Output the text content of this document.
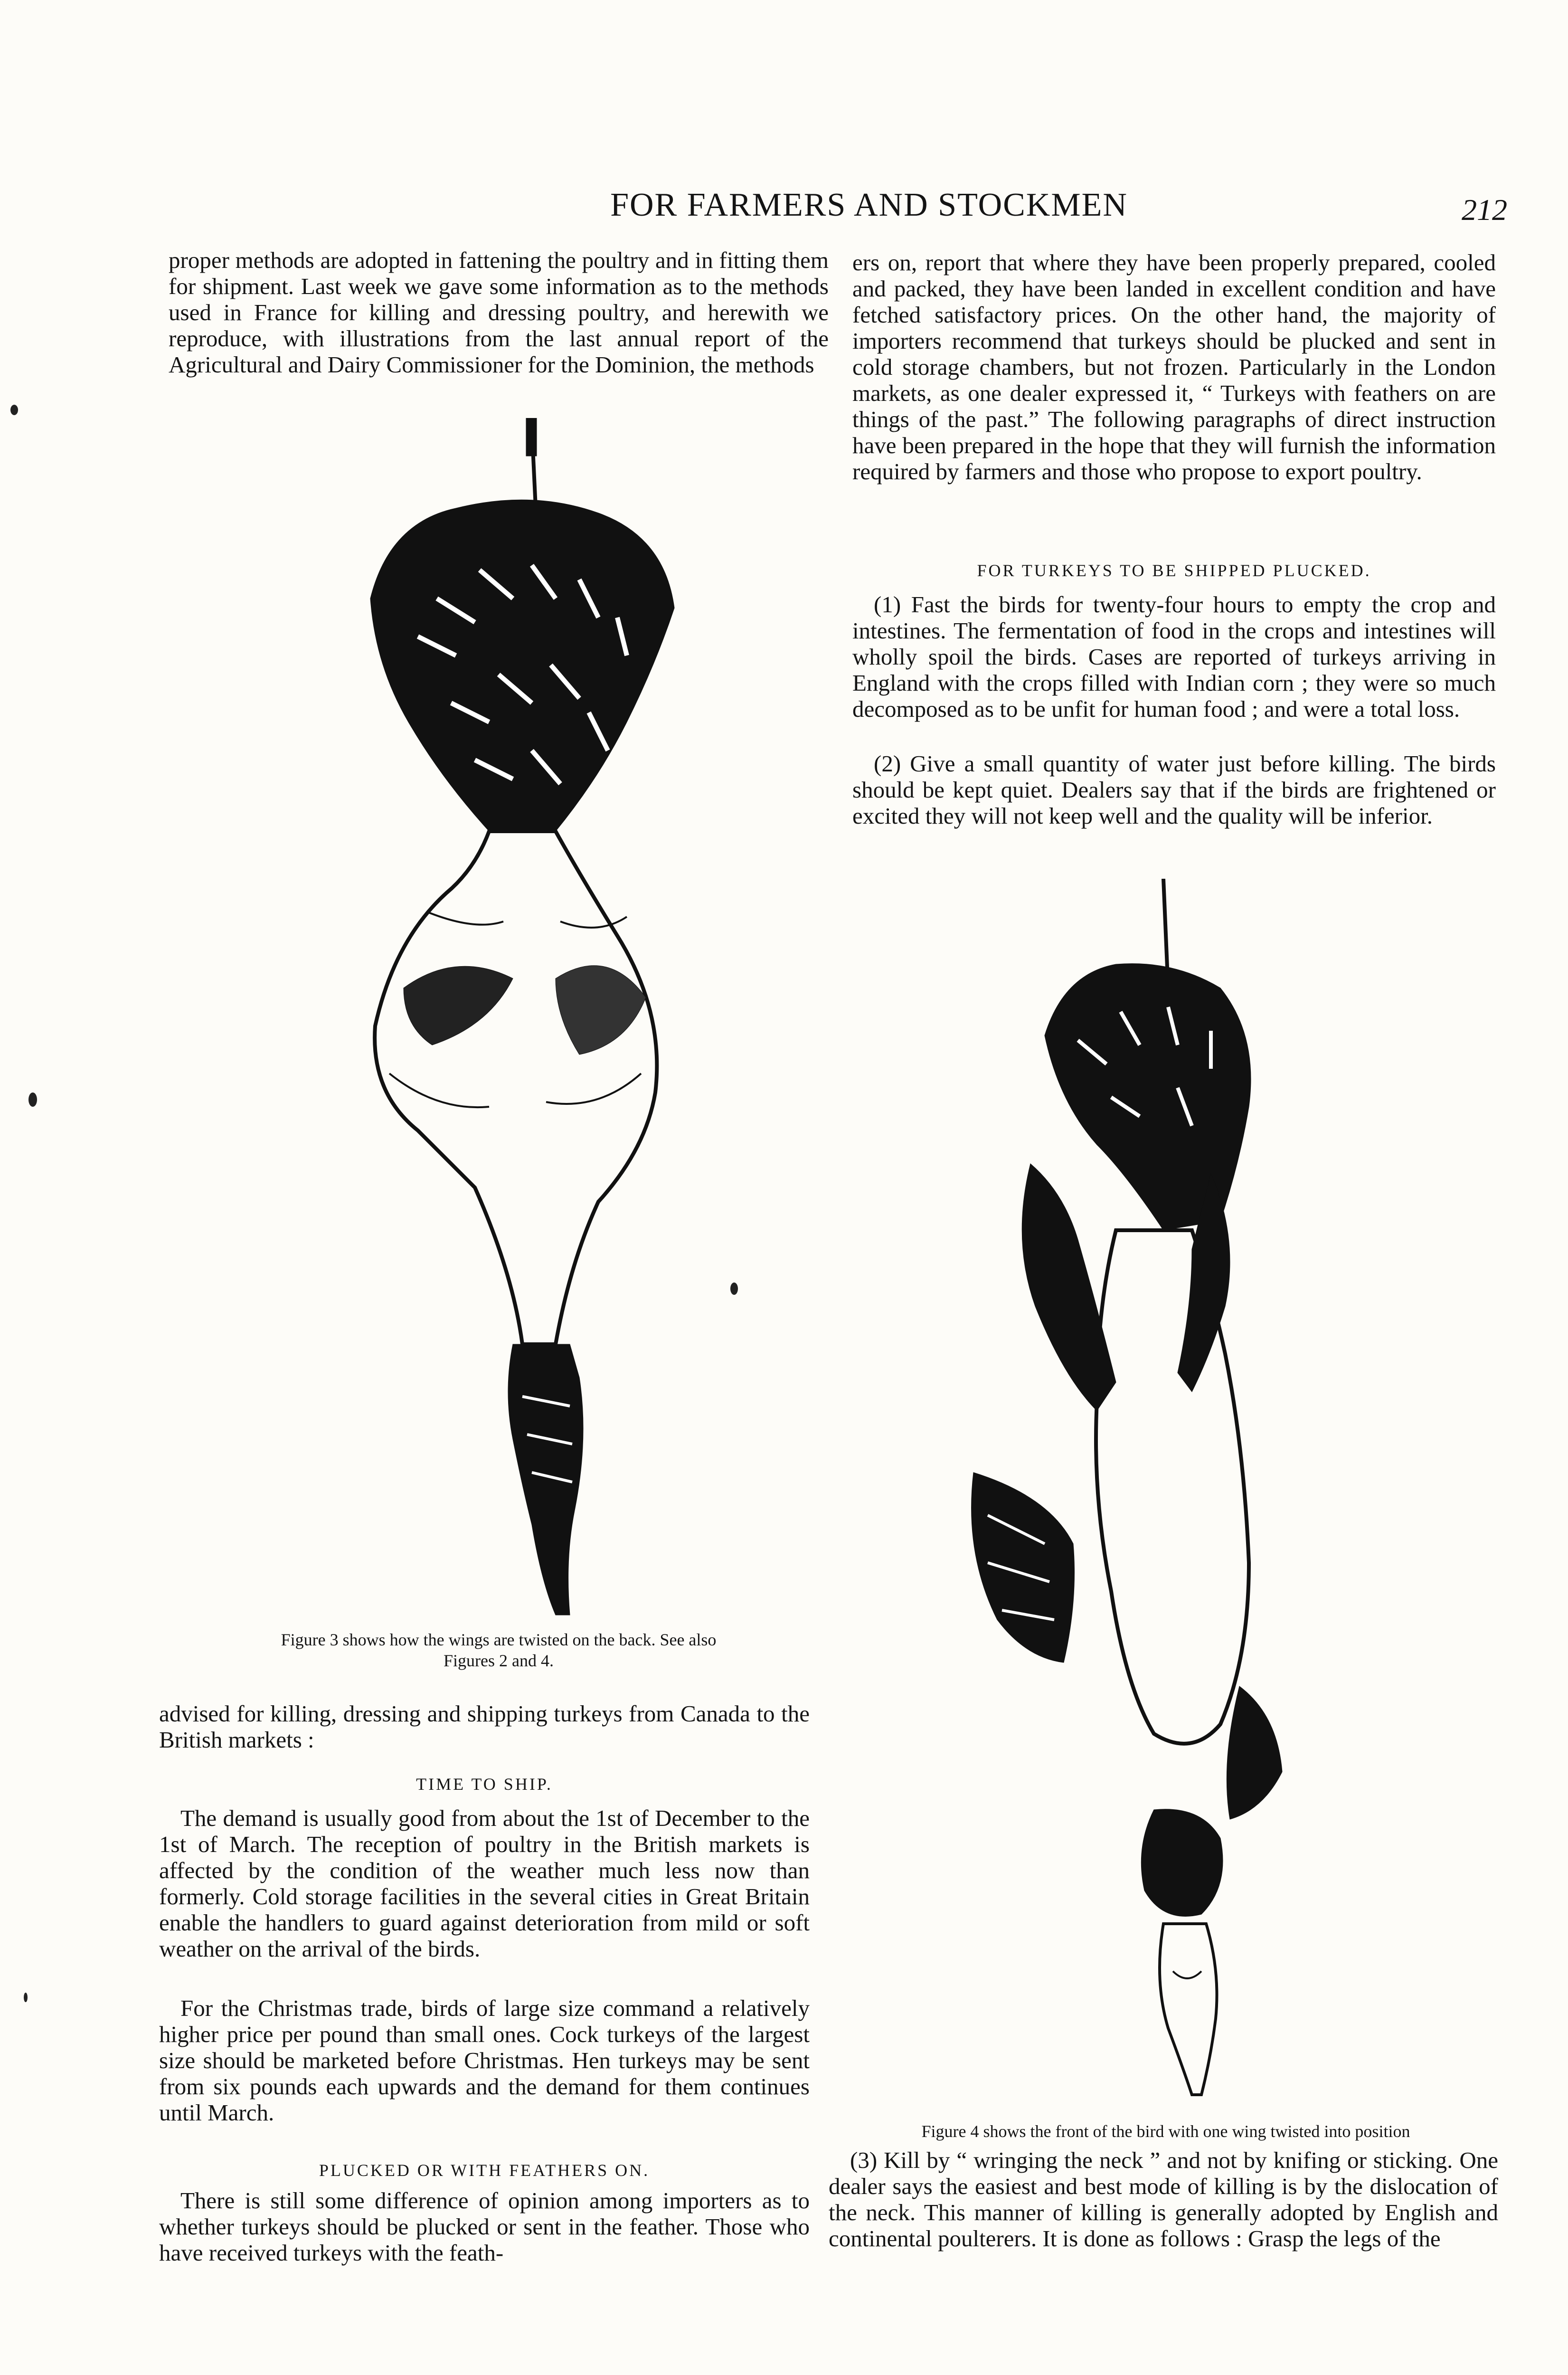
FOR FARMERS AND STOCKMEN	212

proper methods are adopted in fattening the poultry and in fitting them for shipment. Last week we gave some information as to the methods used in France for killing and dressing poultry, and herewith we reproduce, with illustrations from the last annual report of the Agricultural and Dairy Commissioner for the Dominion, the methods

Figure 3 shows how the wings are twisted on the back. See also
Figures 2 and 4.

advised for killing, dressing and shipping turkeys from Canada to the British markets :

TIME TO SHIP.

The demand is usually good from about the 1st of December to the 1st of March. The reception of poultry in the British markets is affected by the condition of the weather much less now than formerly. Cold storage facilities in the several cities in Great Britain enable the handlers to guard against deterioration from mild or soft weather on the arrival of the birds.

For the Christmas trade, birds of large size command a relatively higher price per pound than small ones. Cock turkeys of the largest size should be marketed before Christmas. Hen turkeys may be sent from six pounds each upwards and the demand for them continues until March.

PLUCKED OR WITH FEATHERS ON.

There is still some difference of opinion among importers as to whether turkeys should be plucked or sent in the feather. Those who have received turkeys with the feath-

ers on, report that where they have been properly prepared, cooled and packed, they have been landed in excellent condition and have fetched satisfactory prices. On the other hand, the majority of importers recommend that turkeys should be plucked and sent in cold storage chambers, but not frozen. Particularly in the London markets, as one dealer expressed it, “ Turkeys with feathers on are things of the past.” The following paragraphs of direct instruction have been prepared in the hope that they will furnish the information required by farmers and those who propose to export poultry.

FOR TURKEYS TO BE SHIPPED PLUCKED.

(1) Fast the birds for twenty-four hours to empty the crop and intestines. The fermentation of food in the crops and intestines will wholly spoil the birds. Cases are reported of turkeys arriving in England with the crops filled with Indian corn ; they were so much decomposed as to be unfit for human food ; and were a total loss.

(2) Give a small quantity of water just before killing. The birds should be kept quiet. Dealers say that if the birds are frightened or excited they will not keep well and the quality will be inferior.

Figure 4 shows the front of the bird with one wing twisted into position

(3) Kill by “ wringing the neck ” and not by knifing or sticking. One dealer says the easiest and best mode of killing is by the dislocation of the neck. This manner of killing is generally adopted by English and continental poulterers. It is done as follows : Grasp the legs of the
